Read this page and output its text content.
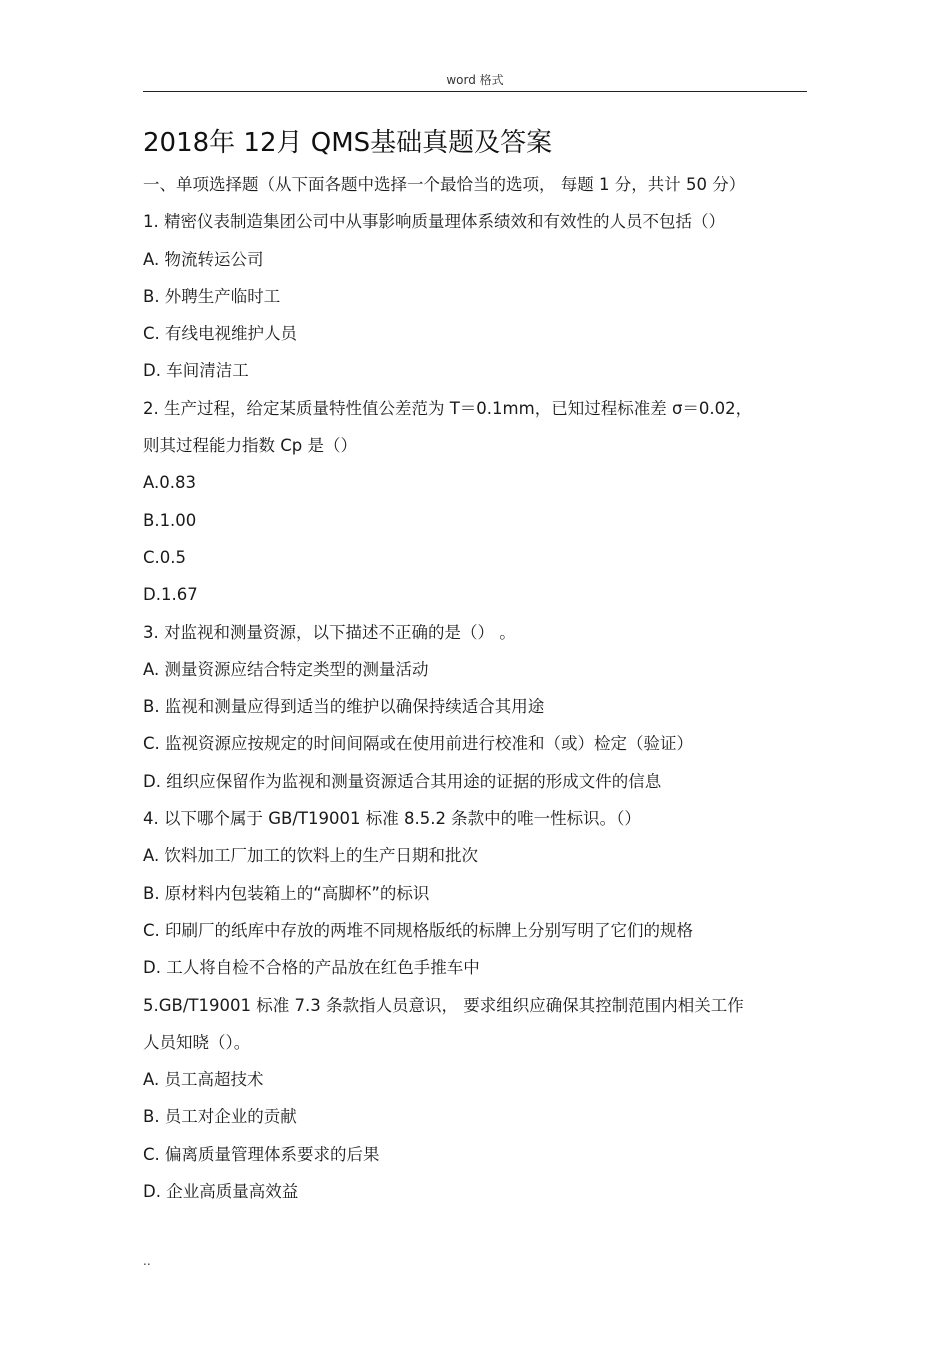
word 格式
2018年 12月 QMS基础真题及答案
一、单项选择题（从下面各题中选择一个最恰当的选项， 每题 1 分，共计 50 分）
1. 精密仪表制造集团公司中从事影响质量理体系绩效和有效性的人员不包括（）
A. 物流转运公司
B. 外聘生产临时工
C. 有线电视维护人员
D. 车间清洁工
2. 生产过程，给定某质量特性值公差范为 T＝0.1mm，已知过程标准差 σ＝0.02，
则其过程能力指数 Cp 是（）
A.0.83
B.1.00
C.0.5
D.1.67
3. 对监视和测量资源，以下描述不正确的是（） 。
A. 测量资源应结合特定类型的测量活动
B. 监视和测量应得到适当的维护以确保持续适合其用途
C. 监视资源应按规定的时间间隔或在使用前进行校准和（或）检定（验证）
D. 组织应保留作为监视和测量资源适合其用途的证据的形成文件的信息
4. 以下哪个属于 GB/T19001 标准 8.5.2 条款中的唯一性标识。（）
A. 饮料加工厂加工的饮料上的生产日期和批次
B. 原材料内包装箱上的“高脚杯”的标识
C. 印刷厂的纸库中存放的两堆不同规格版纸的标牌上分别写明了它们的规格
D. 工人将自检不合格的产品放在红色手推车中
5.GB/T19001 标准 7.3 条款指人员意识， 要求组织应确保其控制范围内相关工作
人员知晓（）。
A. 员工高超技术
B. 员工对企业的贡献
C. 偏离质量管理体系要求的后果
D. 企业高质量高效益
..
